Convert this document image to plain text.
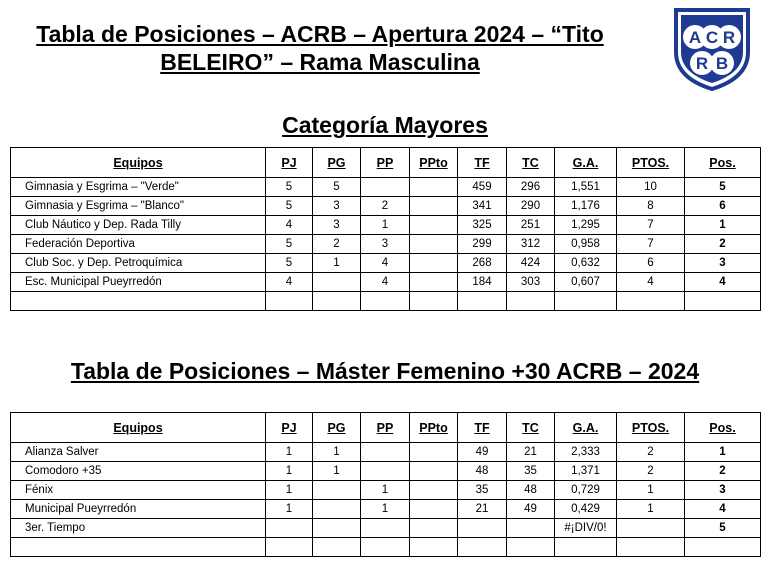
Tabla de Posiciones – ACRB – Apertura 2024 – “Tito
BELEIRO” – Rama Masculina
A C R
R B
Categoría Mayores
Equipos	PJ	PG	PP	PPto	TF	TC	G.A.	PTOS.	Pos.
Gimnasia y Esgrima – "Verde"	5	5			459	296	1,551	10	5
Gimnasia y Esgrima – "Blanco"	5	3	2		341	290	1,176	8	6
Club Náutico y Dep. Rada Tilly	4	3	1		325	251	1,295	7	1
Federación Deportiva	5	2	3		299	312	0,958	7	2
Club Soc. y Dep. Petroquímica	5	1	4		268	424	0,632	6	3
Esc. Municipal Pueyrredón	4		4		184	303	0,607	4	4

Tabla de Posiciones – Máster Femenino +30 ACRB – 2024
Equipos	PJ	PG	PP	PPto	TF	TC	G.A.	PTOS.	Pos.
Alianza Salver	1	1			49	21	2,333	2	1
Comodoro +35	1	1			48	35	1,371	2	2
Fénix	1		1		35	48	0,729	1	3
Municipal Pueyrredón	1		1		21	49	0,429	1	4
3er. Tiempo							#¡DIV/0!		5
